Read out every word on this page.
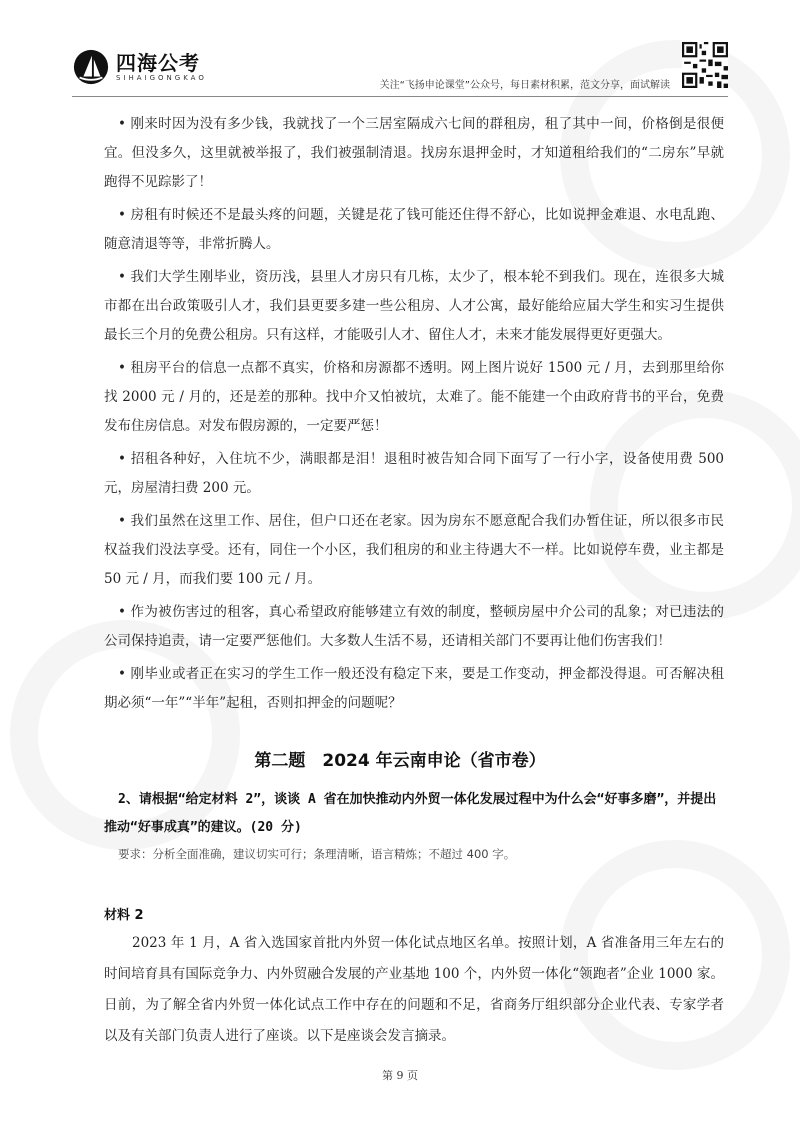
四海公考
SIHAIGONGKAO
关注“飞扬申论课堂”公众号，每日素材积累，范文分享，面试解读

• 刚来时因为没有多少钱，我就找了一个三居室隔成六七间的群租房，租了其中一间，价格倒是很便宜。但没多久，这里就被举报了，我们被强制清退。找房东退押金时，才知道租给我们的“二房东”早就跑得不见踪影了！

• 房租有时候还不是最头疼的问题，关键是花了钱可能还住得不舒心，比如说押金难退、水电乱跑、随意清退等等，非常折腾人。

• 我们大学生刚毕业，资历浅，县里人才房只有几栋，太少了，根本轮不到我们。现在，连很多大城市都在出台政策吸引人才，我们县更要多建一些公租房、人才公寓，最好能给应届大学生和实习生提供最长三个月的免费公租房。只有这样，才能吸引人才、留住人才，未来才能发展得更好更强大。

• 租房平台的信息一点都不真实，价格和房源都不透明。网上图片说好 1500 元 / 月，去到那里给你找 2000 元 / 月的，还是差的那种。找中介又怕被坑，太难了。能不能建一个由政府背书的平台，免费发布住房信息。对发布假房源的，一定要严惩！

• 招租各种好，入住坑不少，满眼都是泪！退租时被告知合同下面写了一行小字，设备使用费 500 元，房屋清扫费 200 元。

• 我们虽然在这里工作、居住，但户口还在老家。因为房东不愿意配合我们办暂住证，所以很多市民权益我们没法享受。还有，同住一个小区，我们租房的和业主待遇大不一样。比如说停车费，业主都是 50 元 / 月，而我们要 100 元 / 月。

• 作为被伤害过的租客，真心希望政府能够建立有效的制度，整顿房屋中介公司的乱象；对已违法的公司保持追责，请一定要严惩他们。大多数人生活不易，还请相关部门不要再让他们伤害我们！

• 刚毕业或者正在实习的学生工作一般还没有稳定下来，要是工作变动，押金都没得退。可否解决租期必须“一年”“半年”起租，否则扣押金的问题呢？

第二题　2024 年云南申论（省市卷）
2、请根据“给定材料 2”，谈谈 A 省在加快推动内外贸一体化发展过程中为什么会“好事多磨”，并提出推动“好事成真”的建议。(20 分)
要求：分析全面准确，建议切实可行；条理清晰，语言精炼；不超过 400 字。
材料 2
2023 年 1 月，A 省入选国家首批内外贸一体化试点地区名单。按照计划，A 省准备用三年左右的时间培育具有国际竞争力、内外贸融合发展的产业基地 100 个，内外贸一体化“领跑者”企业 1000 家。日前，为了解全省内外贸一体化试点工作中存在的问题和不足，省商务厅组织部分企业代表、专家学者以及有关部门负责人进行了座谈。以下是座谈会发言摘录。
第 9 页
